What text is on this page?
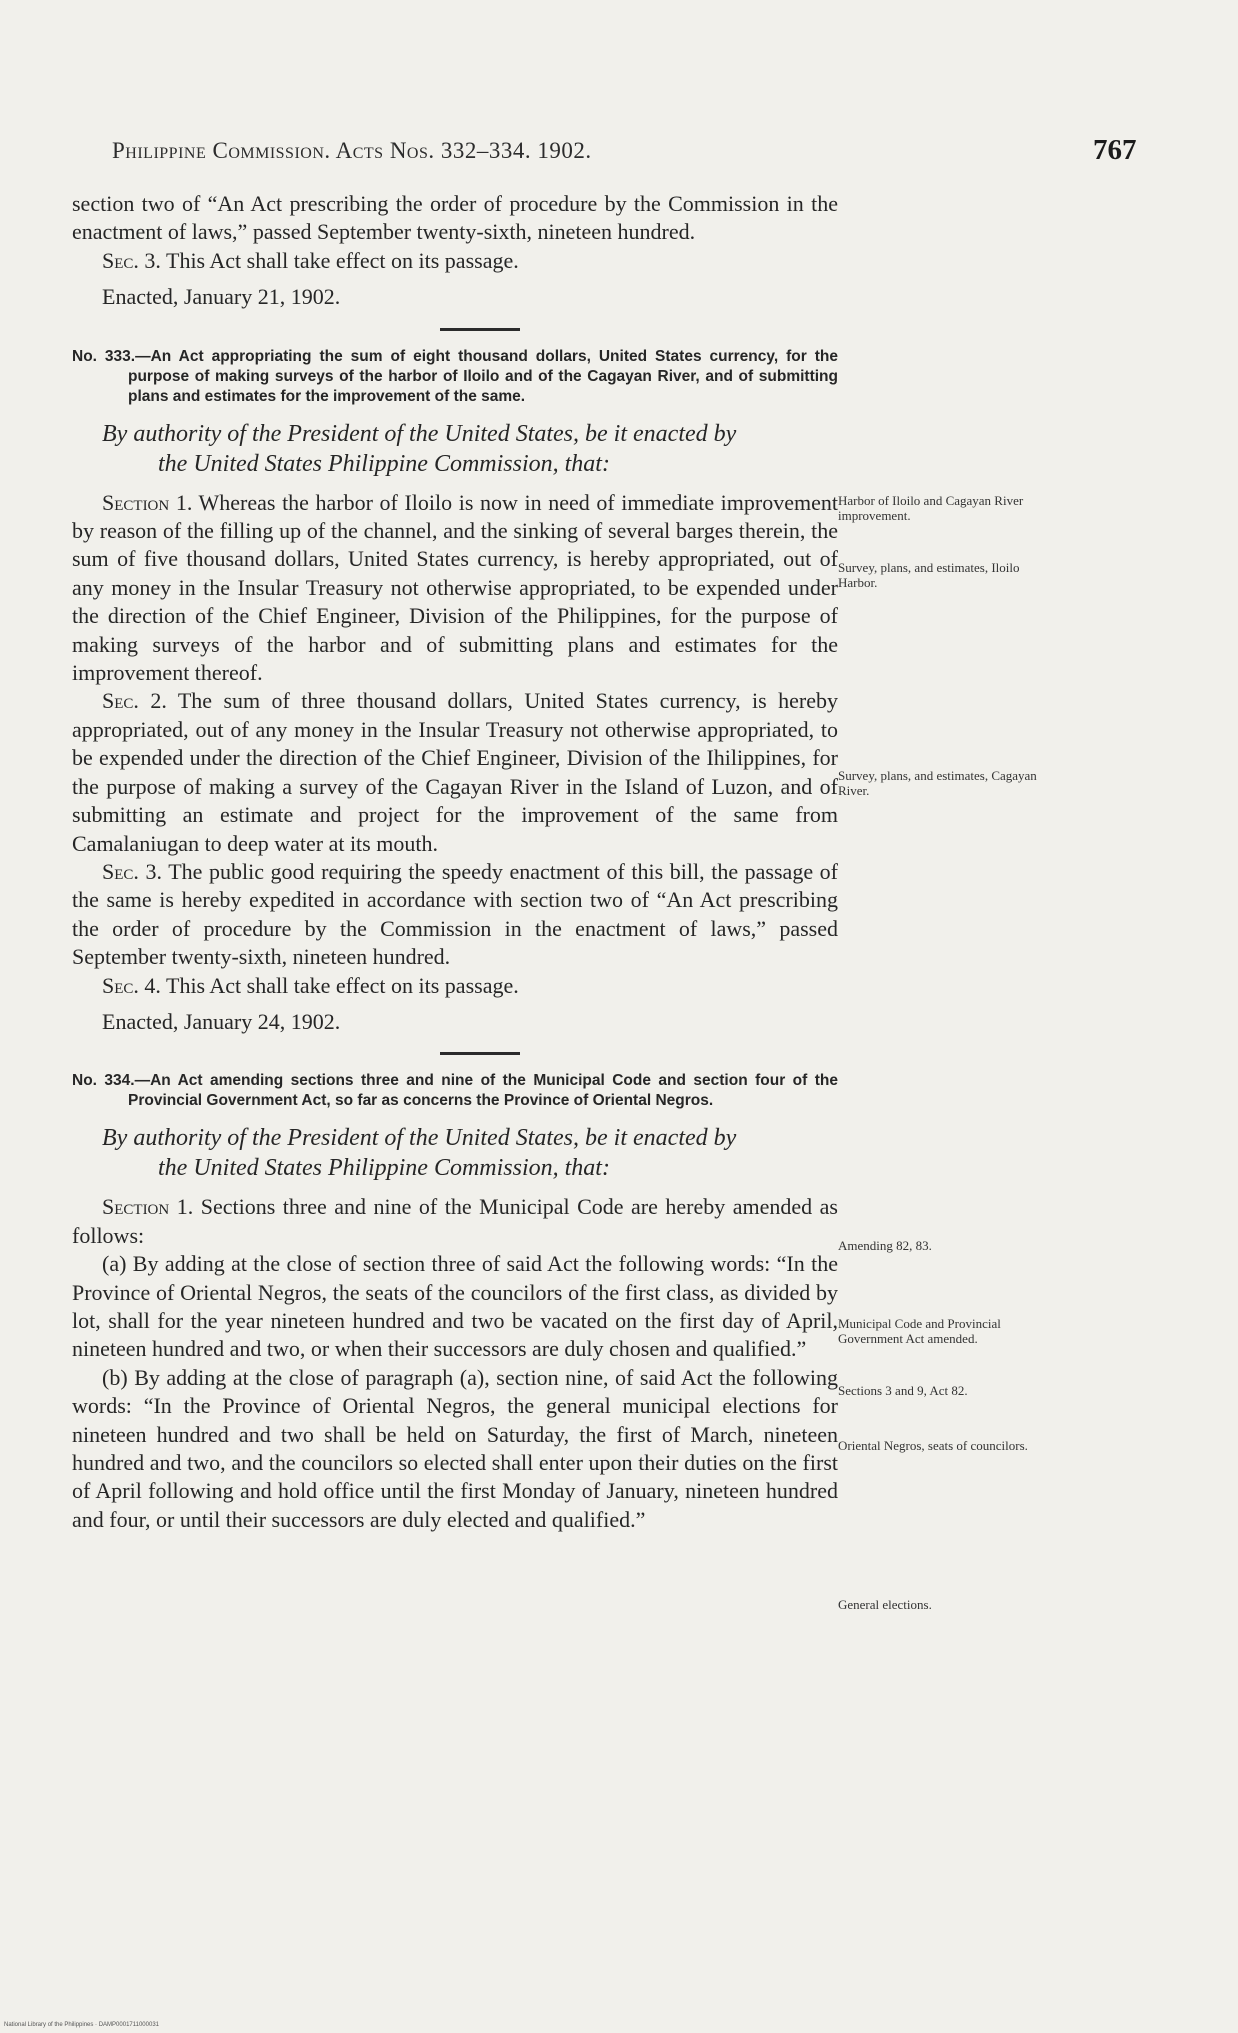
Philippine Commission. Acts Nos. 332–334. 1902.	767

section two of “An Act prescribing the order of procedure by the Commission in the enactment of laws,” passed September twenty-sixth, nineteen hundred.

Sec. 3. This Act shall take effect on its passage.

Enacted, January 21, 1902.

No. 333.—An Act appropriating the sum of eight thousand dollars, United States currency, for the purpose of making surveys of the harbor of Iloilo and of the Cagayan River, and of submitting plans and estimates for the improvement of the same.

By authority of the President of the United States, be it enacted by
the United States Philippine Commission, that:

Section 1. Whereas the harbor of Iloilo is now in need of immediate improvement by reason of the filling up of the channel, and the sinking of several barges therein, the sum of five thousand dollars, United States currency, is hereby appropriated, out of any money in the Insular Treasury not otherwise appropriated, to be expended under the direction of the Chief Engineer, Division of the Philippines, for the purpose of making surveys of the harbor and of submitting plans and estimates for the improvement thereof.

Sec. 2. The sum of three thousand dollars, United States currency, is hereby appropriated, out of any money in the Insular Treasury not otherwise appropriated, to be expended under the direction of the Chief Engineer, Division of the Ihilippines, for the purpose of making a survey of the Cagayan River in the Island of Luzon, and of submitting an estimate and project for the improvement of the same from Camalaniugan to deep water at its mouth.

Sec. 3. The public good requiring the speedy enactment of this bill, the passage of the same is hereby expedited in accordance with section two of “An Act prescribing the order of procedure by the Commission in the enactment of laws,” passed September twenty-sixth, nineteen hundred.

Sec. 4. This Act shall take effect on its passage.

Enacted, January 24, 1902.

No. 334.—An Act amending sections three and nine of the Municipal Code and section four of the Provincial Government Act, so far as concerns the Province of Oriental Negros.

By authority of the President of the United States, be it enacted by
the United States Philippine Commission, that:

Section 1. Sections three and nine of the Municipal Code are hereby amended as follows:

(a) By adding at the close of section three of said Act the following words: “In the Province of Oriental Negros, the seats of the councilors of the first class, as divided by lot, shall for the year nineteen hundred and two be vacated on the first day of April, nineteen hundred and two, or when their successors are duly chosen and qualified.”

(b) By adding at the close of paragraph (a), section nine, of said Act the following words: “In the Province of Oriental Negros, the general municipal elections for nineteen hundred and two shall be held on Saturday, the first of March, nineteen hundred and two, and the councilors so elected shall enter upon their duties on the first of April following and hold office until the first Monday of January, nineteen hundred and four, or until their successors are duly elected and qualified.”

Harbor of Iloilo and Cagayan River improvement.
Survey, plans, and estimates, Iloilo Harbor.
Survey, plans, and estimates, Cagayan River.
Amending 82, 83.
Municipal Code and Provincial Government Act amended.
Sections 3 and 9, Act 82.
Oriental Negros, seats of councilors.
General elections.
National Library of the Philippines · DAMP0001711000031
